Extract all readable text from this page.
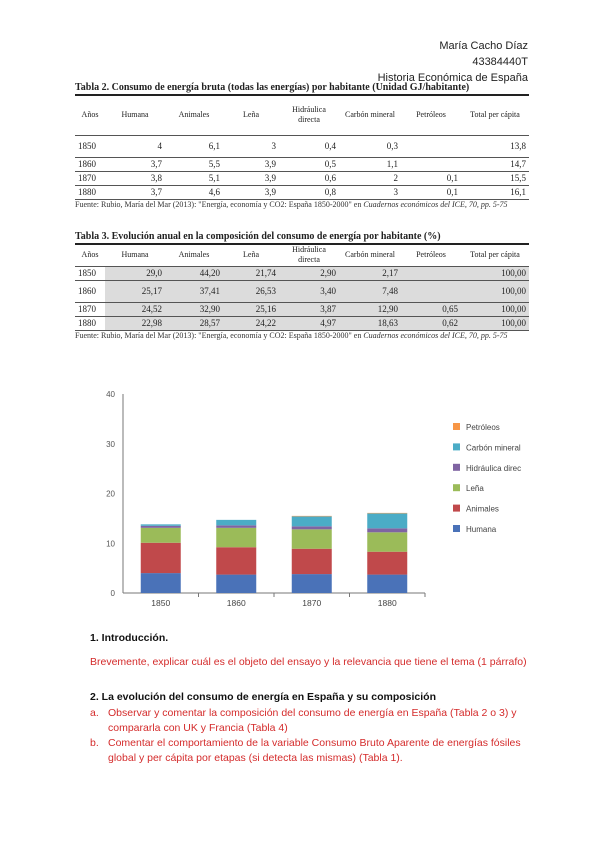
María Cacho Díaz
43384440T
Historia Económica de España
Tabla 2. Consumo de energía bruta (todas las energías) por habitante (Unidad GJ/habitante)
Años	Humana	Animales	Leña	Hidráulica directa	Carbón mineral	Petróleos	Total per cápita
1850	4	6,1	3	0,4	0,3		13,8
1860	3,7	5,5	3,9	0,5	1,1		14,7
1870	3,8	5,1	3,9	0,6	2	0,1	15,5
1880	3,7	4,6	3,9	0,8	3	0,1	16,1
Fuente: Rubio, María del Mar (2013): "Energía, economía y CO2: España 1850-2000" en Cuadernos económicos del ICE, 70, pp. 5-75
Tabla 3. Evolución anual en la composición del consumo de energía por habitante (%)
Años	Humana	Animales	Leña	Hidráulica directa	Carbón mineral	Petróleos	Total per cápita
1850	29,0	44,20	21,74	2,90	2,17		100,00
1860	25,17	37,41	26,53	3,40	7,48		100,00
1870	24,52	32,90	25,16	3,87	12,90	0,65	100,00
1880	22,98	28,57	24,22	4,97	18,63	0,62	100,00
Fuente: Rubio, María del Mar (2013): "Energía, economía y CO2: España 1850-2000" en Cuadernos económicos del ICE, 70, pp. 5-75
0
10
20
30
40
1850	1860	1870	1880
Petróleos
Carbón mineral
Hidráulica direc
Leña
Animales
Humana
1. Introducción.
Brevemente, explicar cuál es el objeto del ensayo y la relevancia que tiene el tema (1 párrafo)
2. La evolución del consumo de energía en España y su composición
a. Observar y comentar la composición del consumo de energía en España (Tabla 2 o 3) y compararla con UK y Francia (Tabla 4)
b. Comentar el comportamiento de la variable Consumo Bruto Aparente de energías fósiles global y per cápita por etapas (si detecta las mismas) (Tabla 1).
